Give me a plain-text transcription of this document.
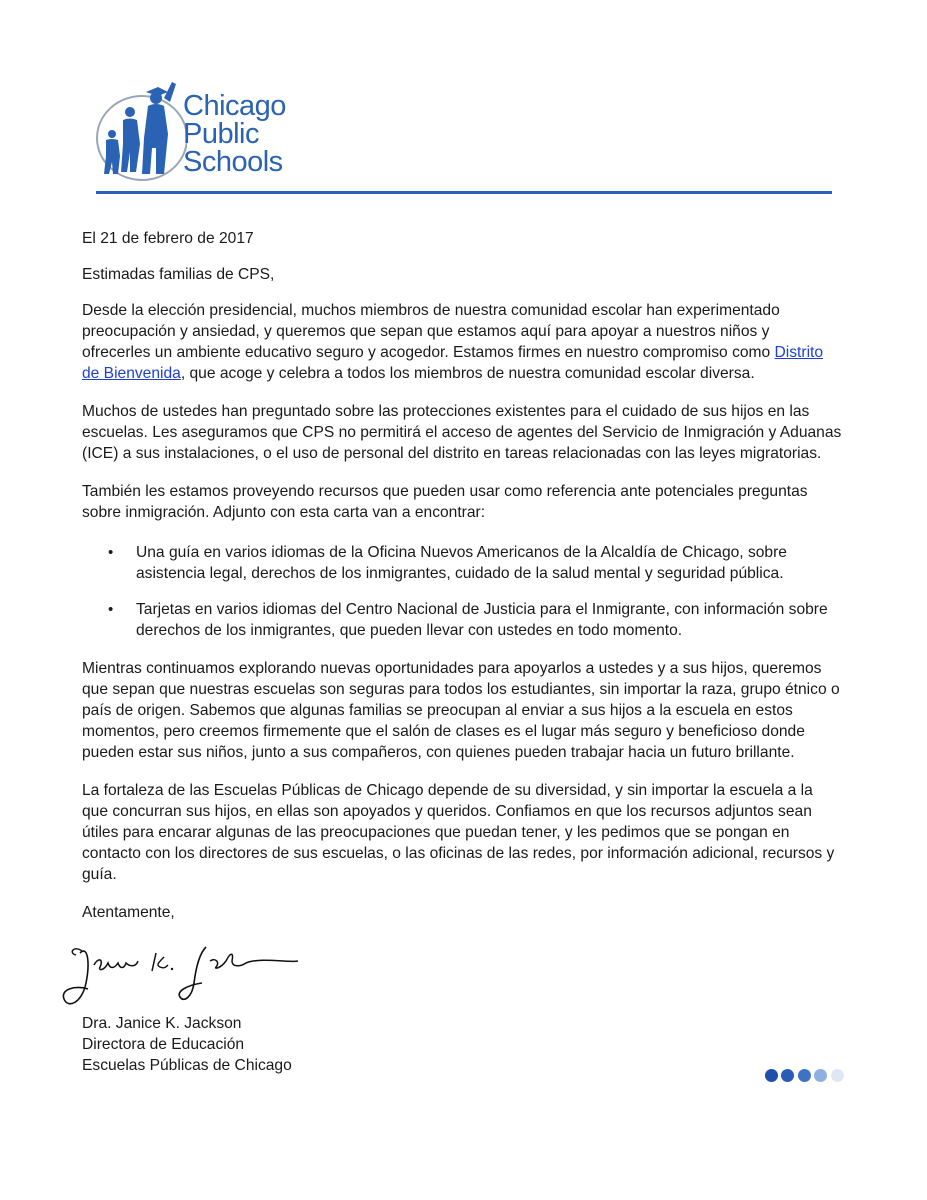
Chicago
Public
Schools

El 21 de febrero de 2017

Estimadas familias de CPS,

Desde la elección presidencial, muchos miembros de nuestra comunidad escolar han experimentado preocupación y ansiedad, y queremos que sepan que estamos aquí para apoyar a nuestros niños y ofrecerles un ambiente educativo seguro y acogedor. Estamos firmes en nuestro compromiso como Distrito de Bienvenida, que acoge y celebra a todos los miembros de nuestra comunidad escolar diversa.

Muchos de ustedes han preguntado sobre las protecciones existentes para el cuidado de sus hijos en las escuelas. Les aseguramos que CPS no permitirá el acceso de agentes del Servicio de Inmigración y Aduanas (ICE) a sus instalaciones, o el uso de personal del distrito en tareas relacionadas con las leyes migratorias.

También les estamos proveyendo recursos que pueden usar como referencia ante potenciales preguntas sobre inmigración. Adjunto con esta carta van a encontrar:

• Una guía en varios idiomas de la Oficina Nuevos Americanos de la Alcaldía de Chicago, sobre asistencia legal, derechos de los inmigrantes, cuidado de la salud mental y seguridad pública.
• Tarjetas en varios idiomas del Centro Nacional de Justicia para el Inmigrante, con información sobre derechos de los inmigrantes, que pueden llevar con ustedes en todo momento.

Mientras continuamos explorando nuevas oportunidades para apoyarlos a ustedes y a sus hijos, queremos que sepan que nuestras escuelas son seguras para todos los estudiantes, sin importar la raza, grupo étnico o país de origen. Sabemos que algunas familias se preocupan al enviar a sus hijos a la escuela en estos momentos, pero creemos firmemente que el salón de clases es el lugar más seguro y beneficioso donde pueden estar sus niños, junto a sus compañeros, con quienes pueden trabajar hacia un futuro brillante.

La fortaleza de las Escuelas Públicas de Chicago depende de su diversidad, y sin importar la escuela a la que concurran sus hijos, en ellas son apoyados y queridos. Confiamos en que los recursos adjuntos sean útiles para encarar algunas de las preocupaciones que puedan tener, y les pedimos que se pongan en contacto con los directores de sus escuelas, o las oficinas de las redes, por información adicional, recursos y guía.

Atentamente,

Dra. Janice K. Jackson
Directora de Educación
Escuelas Públicas de Chicago
